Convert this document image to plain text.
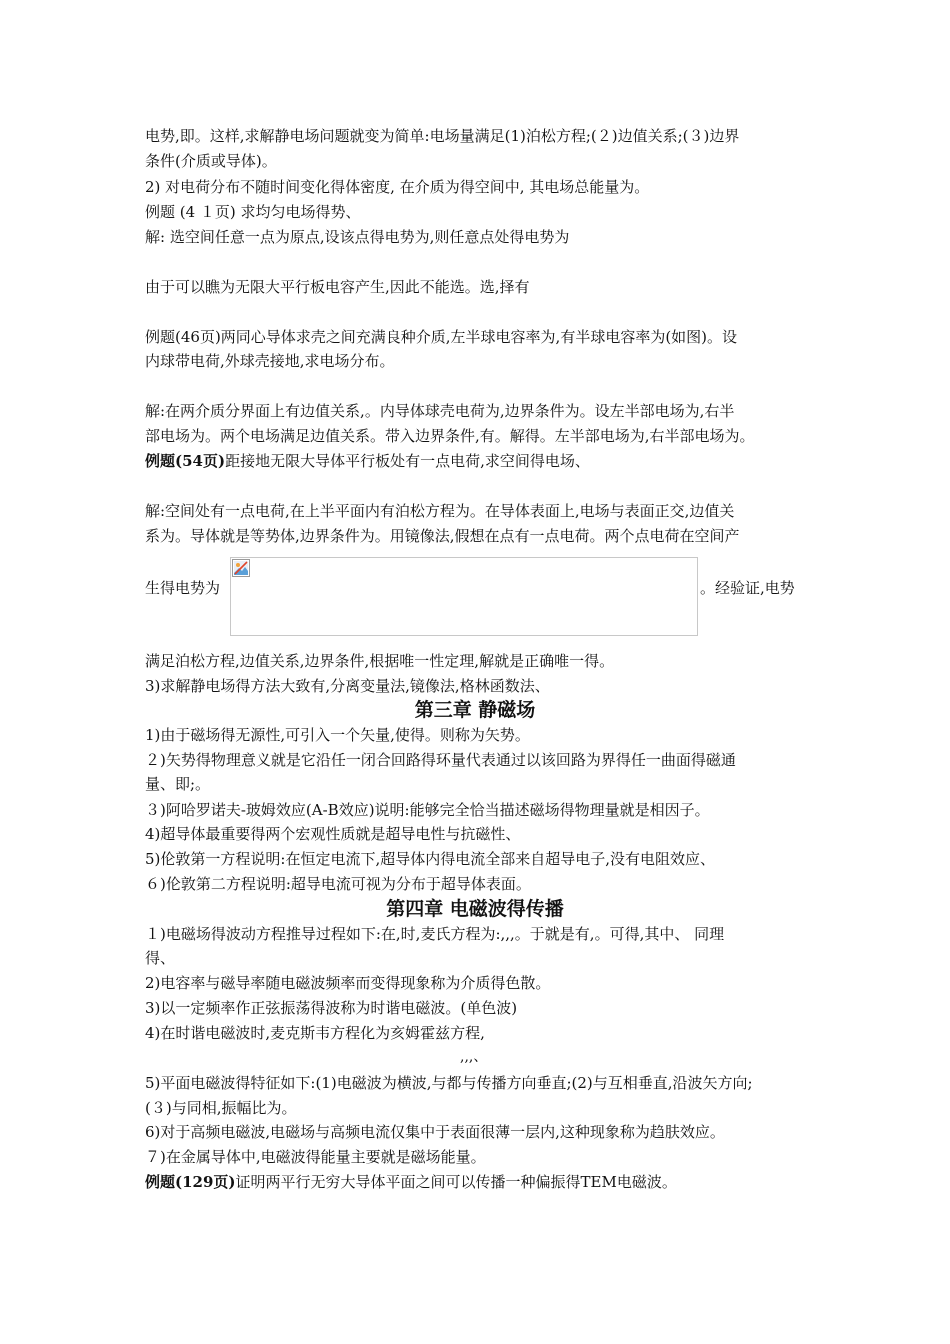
电势,即。这样,求解静电场问题就变为简单:电场量满足(1)泊松方程;(２)边值关系;(３)边界
条件(介质或导体)。
2) 对电荷分布不随时间变化得体密度, 在介质为得空间中, 其电场总能量为。
例题 (4 １页) 求均匀电场得势、
解: 选空间任意一点为原点,设该点得电势为,则任意点处得电势为
由于可以瞧为无限大平行板电容产生,因此不能选。选,择有
例题(46页)两同心导体求壳之间充满良种介质,左半球电容率为,有半球电容率为(如图)。设
内球带电荷,外球壳接地,求电场分布。
解:在两介质分界面上有边值关系,。内导体球壳电荷为,边界条件为。设左半部电场为,右半
部电场为。两个电场满足边值关系。带入边界条件,有。解得。左半部电场为,右半部电场为。
例题(54页)距接地无限大导体平行板处有一点电荷,求空间得电场、
解:空间处有一点电荷,在上半平面内有泊松方程为。在导体表面上,电场与表面正交,边值关
系为。导体就是等势体,边界条件为。用镜像法,假想在点有一点电荷。两个点电荷在空间产
生得电势为	。经验证,电势
满足泊松方程,边值关系,边界条件,根据唯一性定理,解就是正确唯一得。
3)求解静电场得方法大致有,分离变量法,镜像法,格林函数法、
第三章 静磁场
1)由于磁场得无源性,可引入一个矢量,使得。则称为矢势。
２)矢势得物理意义就是它沿任一闭合回路得环量代表通过以该回路为界得任一曲面得磁通
量、即;。
３)阿哈罗诺夫-玻姆效应(A-B效应)说明:能够完全恰当描述磁场得物理量就是相因子。
4)超导体最重要得两个宏观性质就是超导电性与抗磁性、
5)伦敦第一方程说明:在恒定电流下,超导体内得电流全部来自超导电子,没有电阻效应、
６)伦敦第二方程说明:超导电流可视为分布于超导体表面。
第四章 电磁波得传播
１)电磁场得波动方程推导过程如下:在,时,麦氏方程为:,,,。于就是有,。可得,其中、 同理
得、
2)电容率与磁导率随电磁波频率而变得现象称为介质得色散。
3)以一定频率作正弦振荡得波称为时谐电磁波。(单色波)
4)在时谐电磁波时,麦克斯韦方程化为亥姆霍兹方程,
,,,、
5)平面电磁波得特征如下:(1)电磁波为横波,与都与传播方向垂直;(2)与互相垂直,沿波矢方向;
(３)与同相,振幅比为。
6)对于高频电磁波,电磁场与高频电流仅集中于表面很薄一层内,这种现象称为趋肤效应。
７)在金属导体中,电磁波得能量主要就是磁场能量。
例题(129页)证明两平行无穷大导体平面之间可以传播一种偏振得TEM电磁波。
